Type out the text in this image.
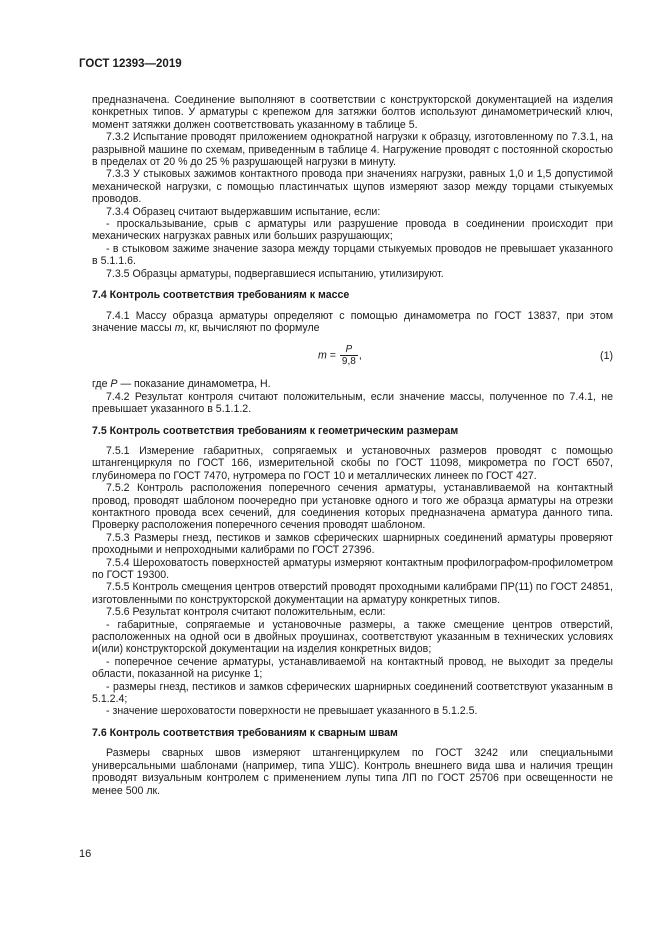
ГОСТ 12393—2019

предназначена. Соединение выполняют в соответствии с конструкторской документацией на изделия конкретных типов. У арматуры с крепежом для затяжки болтов используют динамометрический ключ, момент затяжки должен соответствовать указанному в таблице 5.

7.3.2 Испытание проводят приложением однократной нагрузки к образцу, изготовленному по 7.3.1, на разрывной машине по схемам, приведенным в таблице 4. Нагружение проводят с постоянной скоростью в пределах от 20 % до 25 % разрушающей нагрузки в минуту.

7.3.3 У стыковых зажимов контактного провода при значениях нагрузки, равных 1,0 и 1,5 допустимой механической нагрузки, с помощью пластинчатых щупов измеряют зазор между торцами стыкуемых проводов.

7.3.4 Образец считают выдержавшим испытание, если:

- проскальзывание, срыв с арматуры или разрушение провода в соединении происходит при механических нагрузках равных или больших разрушающих;

- в стыковом зажиме значение зазора между торцами стыкуемых проводов не превышает указанного в 5.1.1.6.

7.3.5 Образцы арматуры, подвергавшиеся испытанию, утилизируют.

7.4 Контроль соответствия требованиям к массе

7.4.1 Массу образца арматуры определяют с помощью динамометра по ГОСТ 13837, при этом значение массы m, кг, вычисляют по формуле

$m = \frac{P}{9,8}$ ,	(1)

где P — показание динамометра, Н.

7.4.2 Результат контроля считают положительным, если значение массы, полученное по 7.4.1, не превышает указанного в 5.1.1.2.

7.5 Контроль соответствия требованиям к геометрическим размерам

7.5.1 Измерение габаритных, сопрягаемых и установочных размеров проводят с помощью штангенциркуля по ГОСТ 166, измерительной скобы по ГОСТ 11098, микрометра по ГОСТ 6507, глубиномера по ГОСТ 7470, нутромера по ГОСТ 10 и металлических линеек по ГОСТ 427.

7.5.2 Контроль расположения поперечного сечения арматуры, устанавливаемой на контактный провод, проводят шаблоном поочередно при установке одного и того же образца арматуры на отрезки контактного провода всех сечений, для соединения которых предназначена арматура данного типа. Проверку расположения поперечного сечения проводят шаблоном.

7.5.3 Размеры гнезд, пестиков и замков сферических шарнирных соединений арматуры проверяют проходными и непроходными калибрами по ГОСТ 27396.

7.5.4 Шероховатость поверхностей арматуры измеряют контактным профилографом-профилометром по ГОСТ 19300.

7.5.5 Контроль смещения центров отверстий проводят проходными калибрами ПР(11) по ГОСТ 24851, изготовленными по конструкторской документации на арматуру конкретных типов.

7.5.6 Результат контроля считают положительным, если:

- габаритные, сопрягаемые и установочные размеры, а также смещение центров отверстий, расположенных на одной оси в двойных проушинах, соответствуют указанным в технических условиях и(или) конструкторской документации на изделия конкретных видов;

- поперечное сечение арматуры, устанавливаемой на контактный провод, не выходит за пределы области, показанной на рисунке 1;

- размеры гнезд, пестиков и замков сферических шарнирных соединений соответствуют указанным в 5.1.2.4;

- значение шероховатости поверхности не превышает указанного в 5.1.2.5.

7.6 Контроль соответствия требованиям к сварным швам

Размеры сварных швов измеряют штангенциркулем по ГОСТ 3242 или специальными универсальными шаблонами (например, типа УШС). Контроль внешнего вида шва и наличия трещин проводят визуальным контролем с применением лупы типа ЛП по ГОСТ 25706 при освещенности не менее 500 лк.

16
